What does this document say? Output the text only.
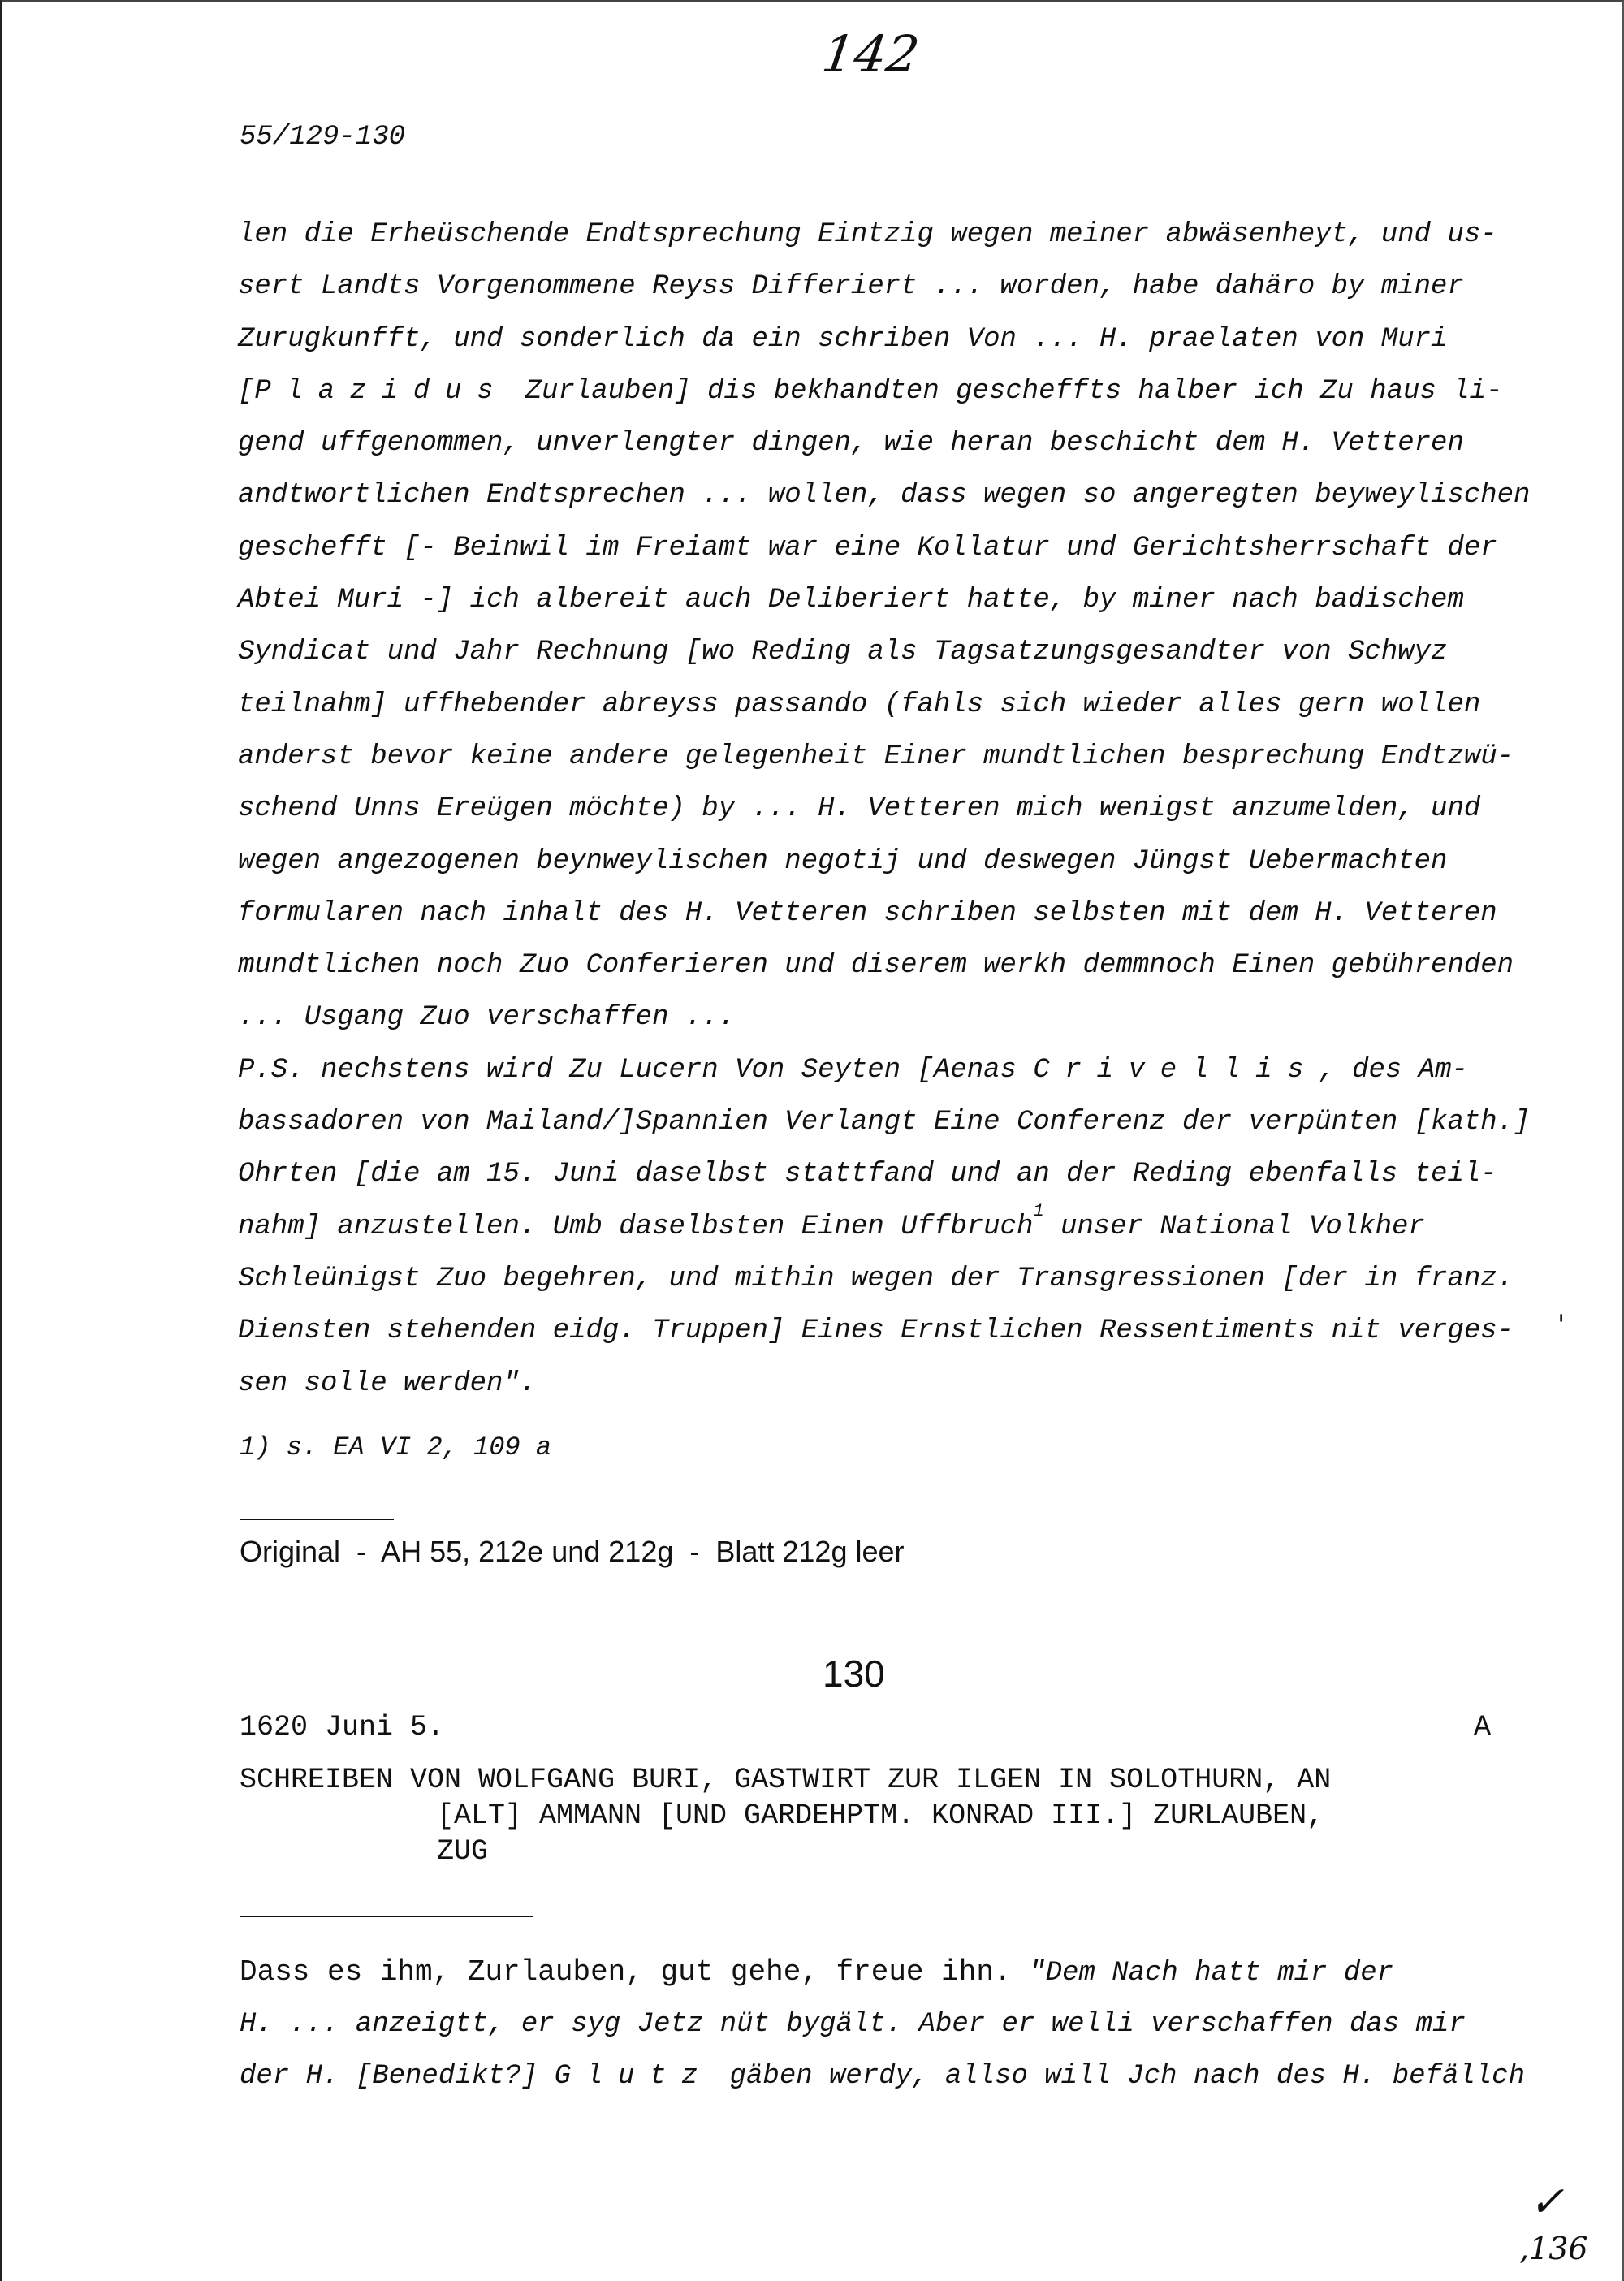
142
55/129-130
len die Erheüschende Endtsprechung Eintzig wegen meiner abwäsenheyt, und us-
sert Landts Vorgenommene Reyss Differiert ... worden, habe dahäro by miner
Zurugkunfft, und sonderlich da ein schriben Von ... H. praelaten von Muri
[Plazidus Zurlauben] dis bekhandten gescheffts halber ich Zu haus li-
gend uffgenommen, unverlengter dingen, wie heran beschicht dem H. Vetteren
andtwortlichen Endtsprechen ... wollen, dass wegen so angeregten beyweylischen
geschefft [- Beinwil im Freiamt war eine Kollatur und Gerichtsherrschaft der
Abtei Muri -] ich albereit auch Deliberiert hatte, by miner nach badischem
Syndicat und Jahr Rechnung [wo Reding als Tagsatzungsgesandter von Schwyz
teilnahm] uffhebender abreyss passando (fahls sich wieder alles gern wollen
anderst bevor keine andere gelegenheit Einer mundtlichen besprechung Endtzwü-
schend Unns Ereügen möchte) by ... H. Vetteren mich wenigst anzumelden, und
wegen angezogenen beynweylischen negotij und deswegen Jüngst Uebermachten
formularen nach inhalt des H. Vetteren schriben selbsten mit dem H. Vetteren
mundtlichen noch Zuo Conferieren und diserem werkh demmnoch Einen gebührenden
... Usgang Zuo verschaffen ...
P.S. nechstens wird Zu Lucern Von Seyten [Aenas Crivellis, des Am-
bassadoren von Mailand/]Spannien Verlangt Eine Conferenz der verpünten [kath.]
Ohrten [die am 15. Juni daselbst stattfand und an der Reding ebenfalls teil-
nahm] anzustellen. Umb daselbsten Einen Uffbruch$^1$ unser National Volkher
Schleünigst Zuo begehren, und mithin wegen der Transgressionen [der in franz.
Diensten stehenden eidg. Truppen] Eines Ernstlichen Ressentiments nit verges-
sen solle werden".
'
1) s. EA VI 2, 109 a
Original  -  AH 55, 212e und 212g  -  Blatt 212g leer
130
1620 Juni 5.	A
SCHREIBEN VON WOLFGANG BURI, GASTWIRT ZUR ILGEN IN SOLOTHURN, AN
[ALT] AMMANN [UND GARDEHPTM. KONRAD III.] ZURLAUBEN,
ZUG
Dass es ihm, Zurlauben, gut gehe, freue ihn. "Dem Nach hatt mir der
H. ... anzeigtt, er syg Jetz nüt bygält. Aber er welli verschaffen das mir
der H. [Benedikt?] Glutz gäben werdy, allso will Jch nach des H. befällch
✓
,136
